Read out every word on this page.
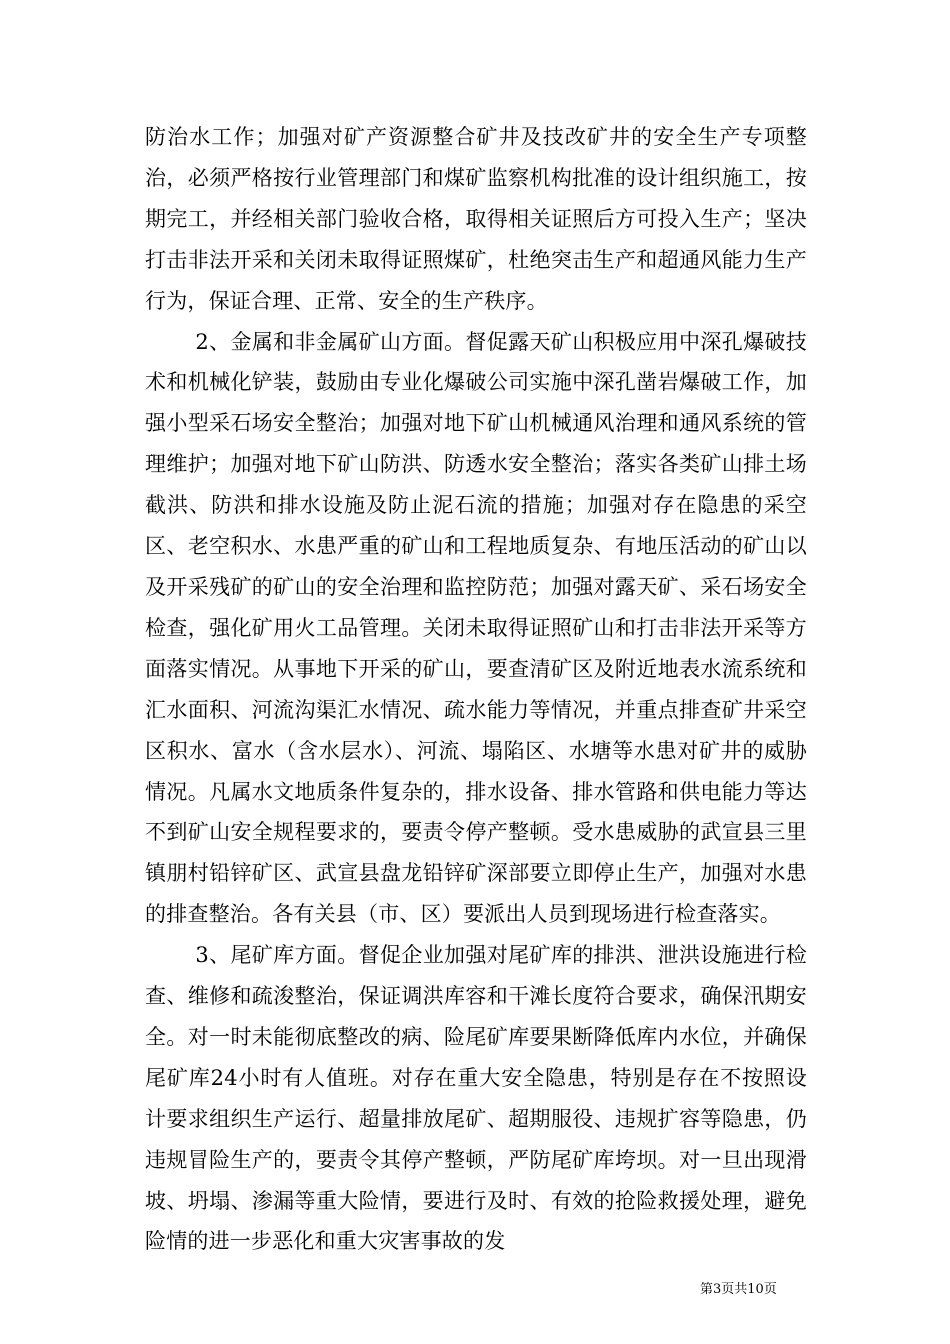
防治水工作；加强对矿产资源整合矿井及技改矿井的安全生产专项整治，必须严格按行业管理部门和煤矿监察机构批准的设计组织施工，按期完工，并经相关部门验收合格，取得相关证照后方可投入生产；坚决打击非法开采和关闭未取得证照煤矿，杜绝突击生产和超通风能力生产行为，保证合理、正常、安全的生产秩序。

2、金属和非金属矿山方面。督促露天矿山积极应用中深孔爆破技术和机械化铲装，鼓励由专业化爆破公司实施中深孔凿岩爆破工作，加强小型采石场安全整治；加强对地下矿山机械通风治理和通风系统的管理维护；加强对地下矿山防洪、防透水安全整治；落实各类矿山排土场截洪、防洪和排水设施及防止泥石流的措施；加强对存在隐患的采空区、老空积水、水患严重的矿山和工程地质复杂、有地压活动的矿山以及开采残矿的矿山的安全治理和监控防范；加强对露天矿、采石场安全检查，强化矿用火工品管理。关闭未取得证照矿山和打击非法开采等方面落实情况。从事地下开采的矿山，要查清矿区及附近地表水流系统和汇水面积、河流沟渠汇水情况、疏水能力等情况，并重点排查矿井采空区积水、富水（含水层水）、河流、塌陷区、水塘等水患对矿井的威胁情况。凡属水文地质条件复杂的，排水设备、排水管路和供电能力等达不到矿山安全规程要求的，要责令停产整顿。受水患威胁的武宣县三里镇朋村铅锌矿区、武宣县盘龙铅锌矿深部要立即停止生产，加强对水患的排查整治。各有关县（市、区）要派出人员到现场进行检查落实。

3、尾矿库方面。督促企业加强对尾矿库的排洪、泄洪设施进行检查、维修和疏浚整治，保证调洪库容和干滩长度符合要求，确保汛期安全。对一时未能彻底整改的病、险尾矿库要果断降低库内水位，并确保尾矿库24小时有人值班。对存在重大安全隐患，特别是存在不按照设计要求组织生产运行、超量排放尾矿、超期服役、违规扩容等隐患，仍违规冒险生产的，要责令其停产整顿，严防尾矿库垮坝。对一旦出现滑坡、坍塌、渗漏等重大险情，要进行及时、有效的抢险救援处理，避免险情的进一步恶化和重大灾害事故的发

第3页共10页
